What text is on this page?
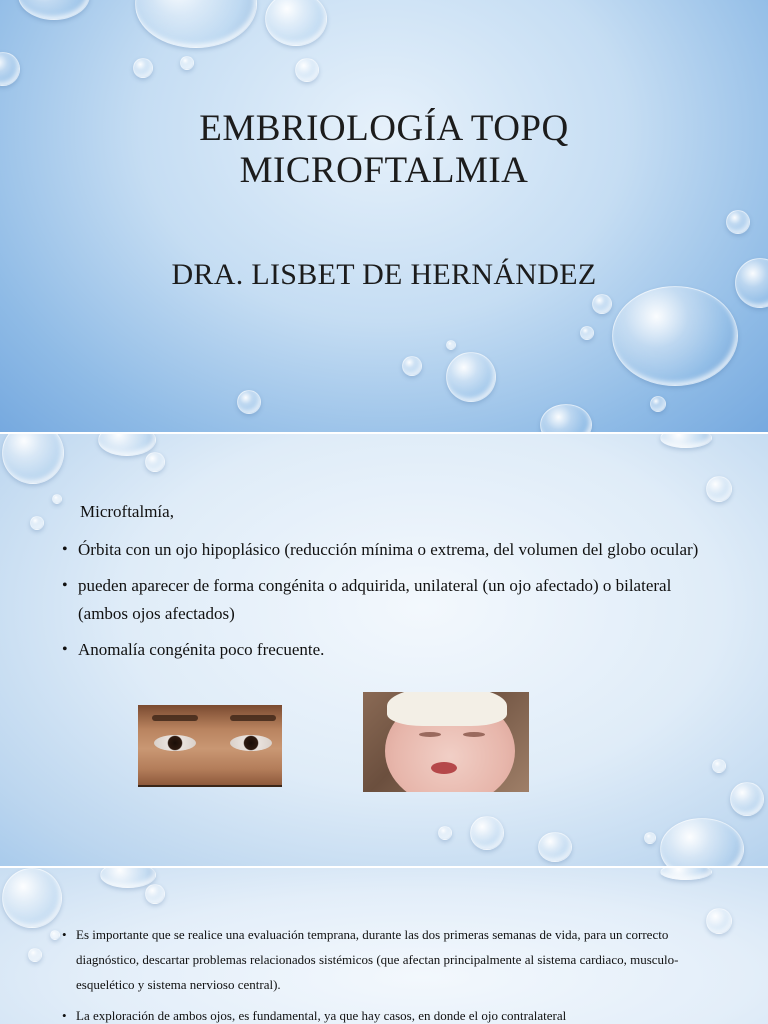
EMBRIOLOGÍA TOPQ
MICROFTALMIA
DRA. LISBET DE HERNÁNDEZ
Microftalmía,
• Órbita con un ojo hipoplásico (reducción mínima o extrema, del volumen del globo ocular)
• pueden aparecer de forma congénita o adquirida, unilateral (un ojo afectado) o bilateral (ambos ojos afectados)
• Anomalía congénita poco frecuente.
• Es importante que se realice una evaluación temprana, durante las dos primeras semanas de vida, para un correcto diagnóstico, descartar problemas relacionados sistémicos (que afectan principalmente al sistema cardiaco, musculo-esquelético y sistema nervioso central).
• La exploración de ambos ojos, es fundamental, ya que hay casos, en donde el ojo contralateral
